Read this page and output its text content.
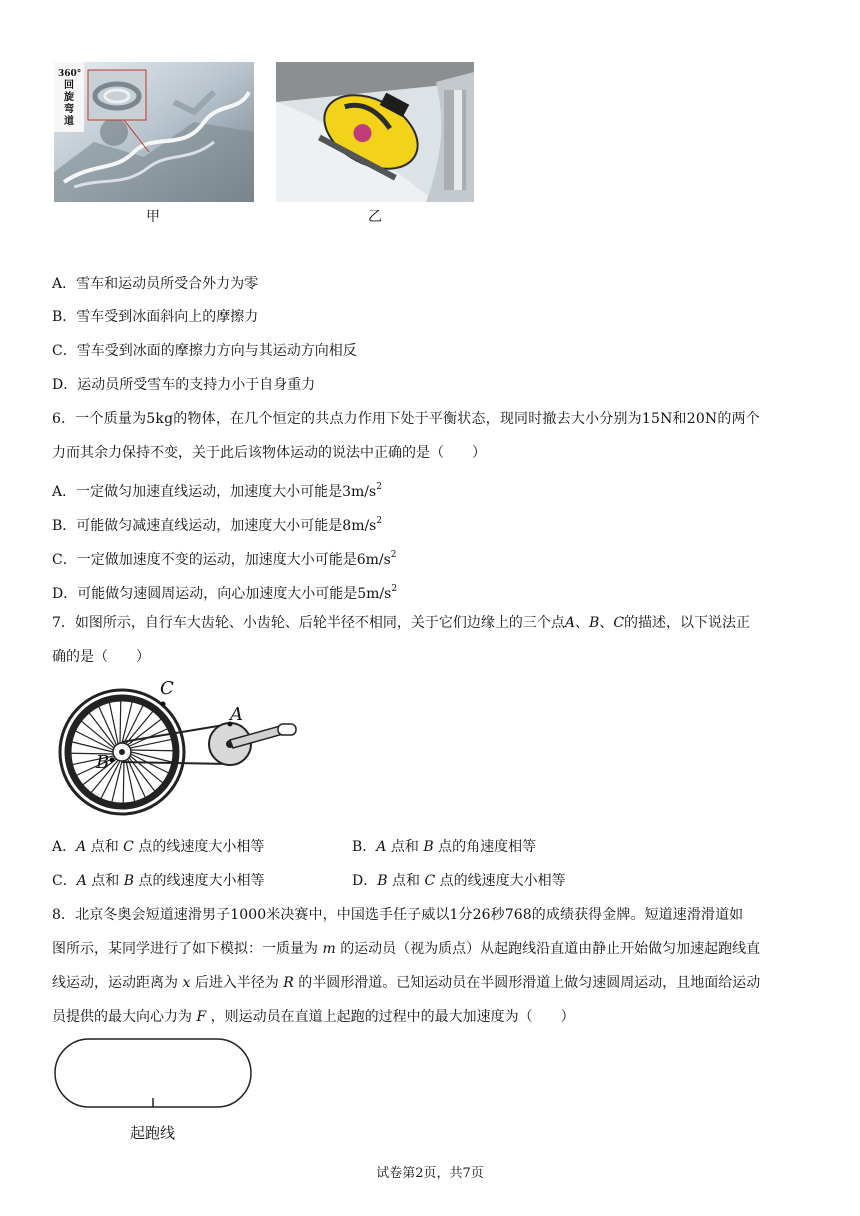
360°
回
旋
弯
道
甲	乙
A．雪车和运动员所受合外力为零
B．雪车受到冰面斜向上的摩擦力
C．雪车受到冰面的摩擦力方向与其运动方向相反
D．运动员所受雪车的支持力小于自身重力
6．一个质量为5kg的物体，在几个恒定的共点力作用下处于平衡状态，现同时撤去大小分别为15N和20N的两个
力而其余力保持不变，关于此后该物体运动的说法中正确的是（　　）
A．一定做匀加速直线运动，加速度大小可能是$3m/s^2$
B．可能做匀减速直线运动，加速度大小可能是$8m/s^2$
C．一定做加速度不变的运动，加速度大小可能是$6m/s^2$
D．可能做匀速圆周运动，向心加速度大小可能是$5m/s^2$
7．如图所示，自行车大齿轮、小齿轮、后轮半径不相同，关于它们边缘上的三个点A、B、C的描述，以下说法正
确的是（　　）
C
A
B
A．A 点和 C 点的线速度大小相等	B．A 点和 B 点的角速度相等
C．A 点和 B 点的线速度大小相等	D．B 点和 C 点的线速度大小相等
8．北京冬奥会短道速滑男子1000米决赛中，中国选手任子威以1分26秒768的成绩获得金牌。短道速滑滑道如
图所示，某同学进行了如下模拟：一质量为 m 的运动员（视为质点）从起跑线沿直道由静止开始做匀加速起跑线直
线运动，运动距离为 x 后进入半径为 R 的半圆形滑道。已知运动员在半圆形滑道上做匀速圆周运动，且地面给运动
员提供的最大向心力为 F ，则运动员在直道上起跑的过程中的最大加速度为（　　）
起跑线
试卷第2页，共7页
